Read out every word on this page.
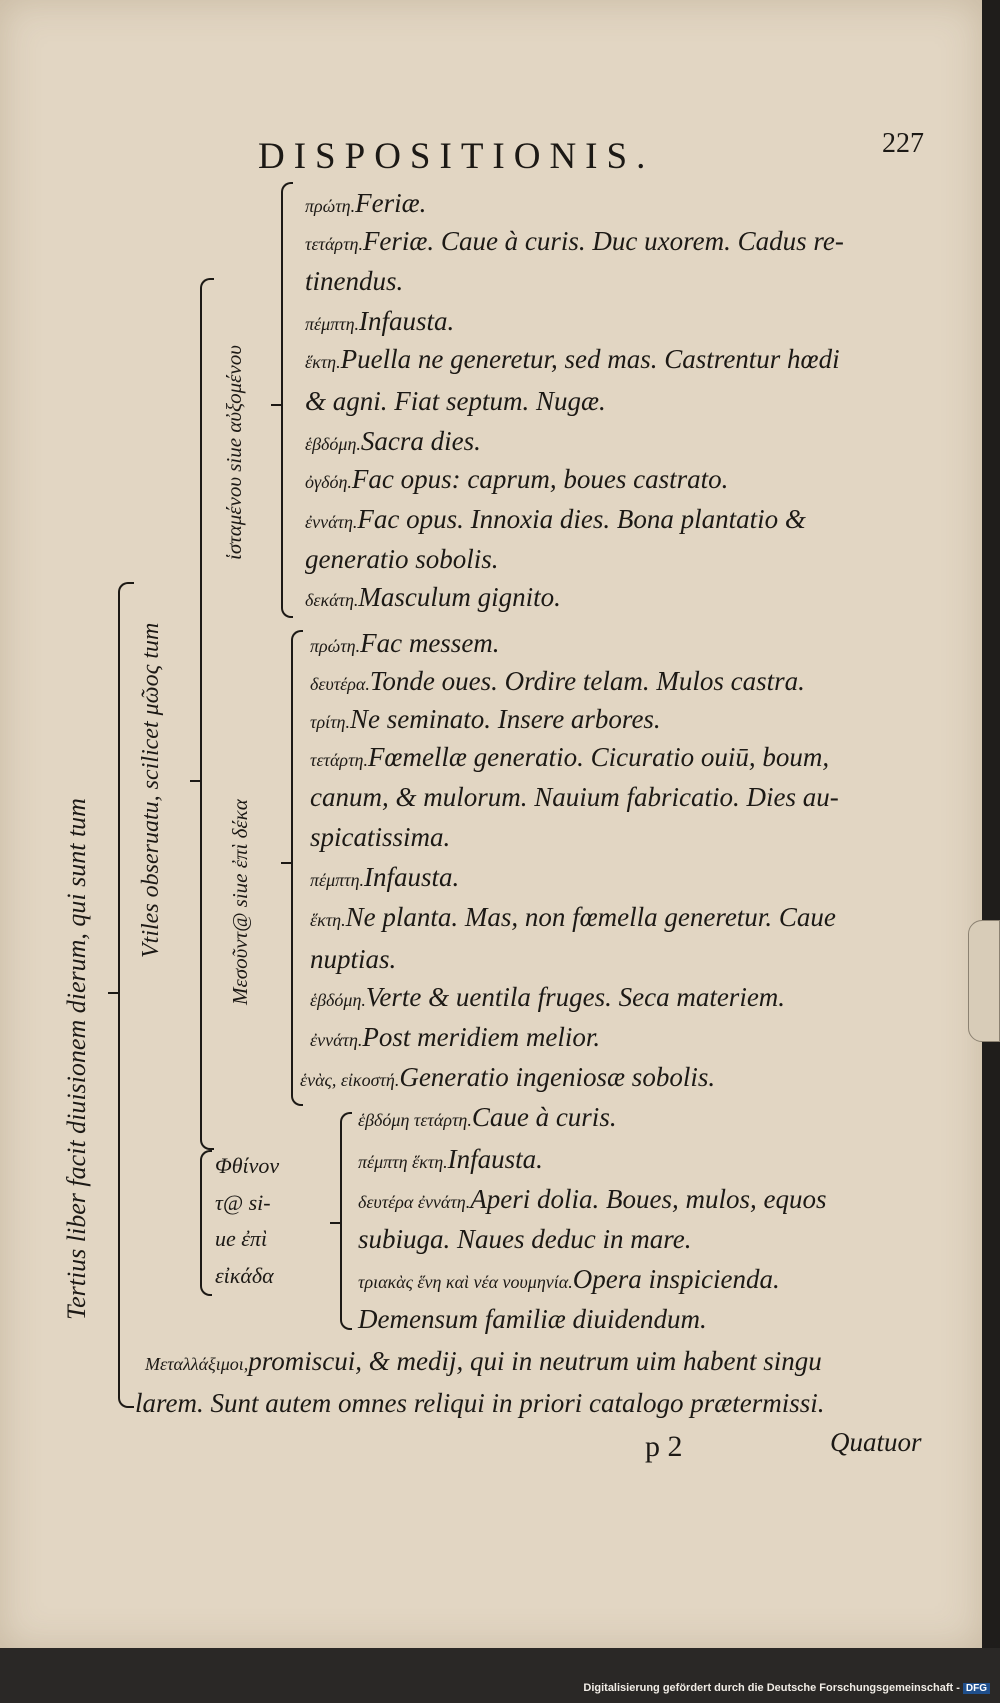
DISPOSITIONIS.	227
Tertius liber facit diuisionem dierum, qui sunt tum
Vtiles obseruatu, scilicet μῶος tum
ἱσταμένου siue αὐξομένου
Μεσοῦντ@ siue ἐπὶ δέκα
Φθίνον
τ@ si-
ue ἐπὶ
εἰκάδα
πρώτη.Feriæ.
τετάρτη.Feriæ. Caue à curis. Duc uxorem. Cadus re-
tinendus.
πέμπτη.Infausta.
ἕκτη.Puella ne generetur, sed mas. Castrentur hœdi
& agni. Fiat septum. Nugæ.
ἑβδόμη.Sacra dies.
ὀγδόη.Fac opus: caprum, boues castrato.
ἐννάτη.Fac opus. Innoxia dies. Bona plantatio &
generatio sobolis.
δεκάτη.Masculum gignito.
πρώτη.Fac messem.
δευτέρα.Tonde oues. Ordire telam. Mulos castra.
τρίτη.Ne seminato. Insere arbores.
τετάρτη.Fœmellæ generatio. Cicuratio ouiū, boum,
canum, & mulorum. Nauium fabricatio. Dies au-
spicatissima.
πέμπτη.Infausta.
ἕκτη.Ne planta. Mas, non fœmella generetur. Caue
nuptias.
ἑβδόμη.Verte & uentila fruges. Seca materiem.
ἐννάτη.Post meridiem melior.
ἑνὰς, εἰκοστή.Generatio ingeniosæ sobolis.
ἑβδόμη τετάρτη.Caue à curis.
πέμπτη ἕκτη.Infausta.
δευτέρα ἐννάτη.Aperi dolia. Boues, mulos, equos
subiuga. Naues deduc in mare.
τριακὰς ἕνη καὶ νέα νουμηνία.Opera inspicienda.
Demensum familiæ diuidendum.
Μεταλλάξιμοι,promiscui, & medij, qui in neutrum uim habent singu
larem. Sunt autem omnes reliqui in priori catalogo prætermissi.
p 2	Quatuor
Digitalisierung gefördert durch die Deutsche Forschungsgemeinschaft - DFG
